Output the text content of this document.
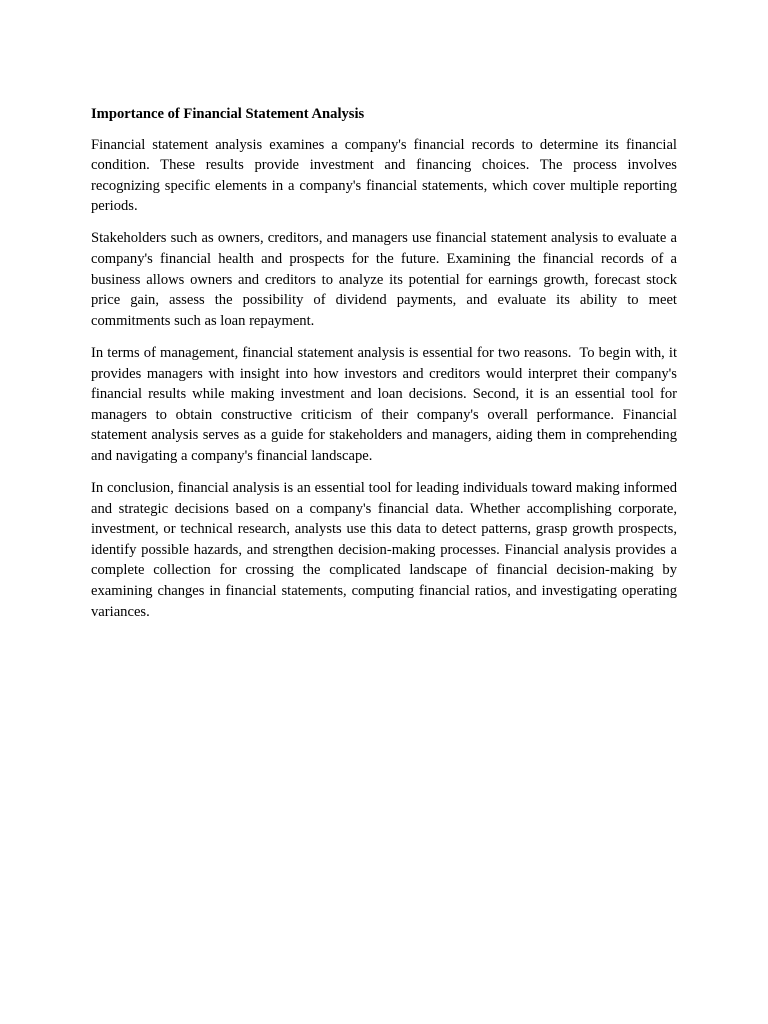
Importance of Financial Statement Analysis

Financial statement analysis examines a company's financial records to determine its financial condition. These results provide investment and financing choices. The process involves recognizing specific elements in a company's financial statements, which cover multiple reporting periods.

Stakeholders such as owners, creditors, and managers use financial statement analysis to evaluate a company's financial health and prospects for the future. Examining the financial records of a business allows owners and creditors to analyze its potential for earnings growth, forecast stock price gain, assess the possibility of dividend payments, and evaluate its ability to meet commitments such as loan repayment.

In terms of management, financial statement analysis is essential for two reasons.  To begin with, it provides managers with insight into how investors and creditors would interpret their company's financial results while making investment and loan decisions. Second, it is an essential tool for managers to obtain constructive criticism of their company's overall performance. Financial statement analysis serves as a guide for stakeholders and managers, aiding them in comprehending and navigating a company's financial landscape.

In conclusion, financial analysis is an essential tool for leading individuals toward making informed and strategic decisions based on a company's financial data. Whether accomplishing corporate, investment, or technical research, analysts use this data to detect patterns, grasp growth prospects, identify possible hazards, and strengthen decision-making processes. Financial analysis provides a complete collection for crossing the complicated landscape of financial decision-making by examining changes in financial statements, computing financial ratios, and investigating operating variances.
